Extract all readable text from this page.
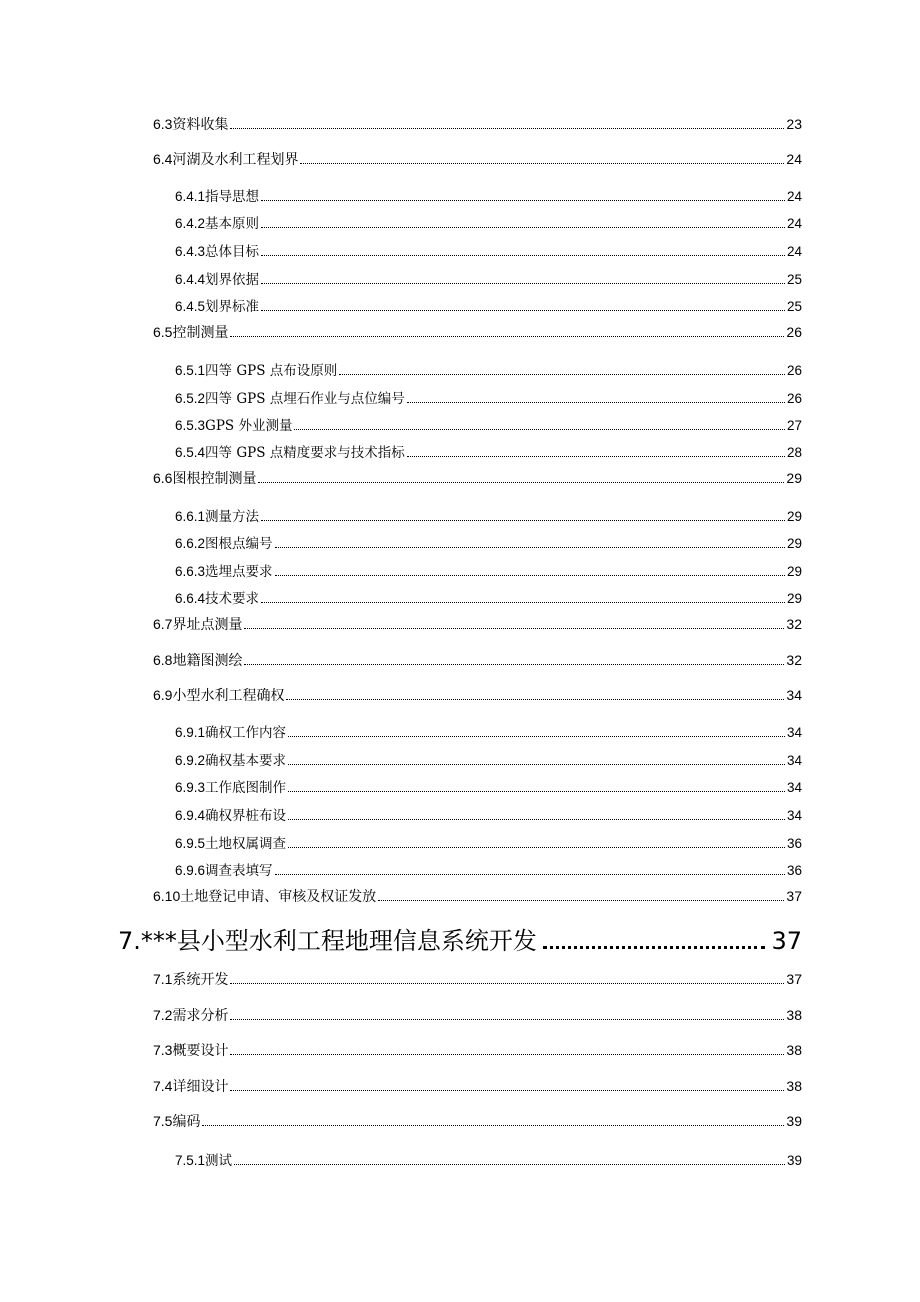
6.3 资料收集	23
6.4 河湖及水利工程划界	24
6.4.1 指导思想	24
6.4.2 基本原则	24
6.4.3 总体目标	24
6.4.4 划界依据	25
6.4.5 划界标准	25
6.5 控制测量	26
6.5.1 四等 GPS 点布设原则	26
6.5.2 四等 GPS 点埋石作业与点位编号	26
6.5.3 GPS 外业测量	27
6.5.4 四等 GPS 点精度要求与技术指标	28
6.6 图根控制测量	29
6.6.1 测量方法	29
6.6.2 图根点编号	29
6.6.3 选埋点要求	29
6.6.4 技术要求	29
6.7 界址点测量	32
6.8 地籍图测绘	32
6.9 小型水利工程确权	34
6.9.1 确权工作内容	34
6.9.2 确权基本要求	34
6.9.3 工作底图制作	34
6.9.4 确权界桩布设	34
6.9.5 土地权属调查	36
6.9.6 调查表填写	36
6.10 土地登记申请、审核及权证发放	37
7. ***县小型水利工程地理信息系统开发	37
7.1 系统开发	37
7.2 需求分析	38
7.3 概要设计	38
7.4 详细设计	38
7.5 编码	39
7.5.1 测试	39
